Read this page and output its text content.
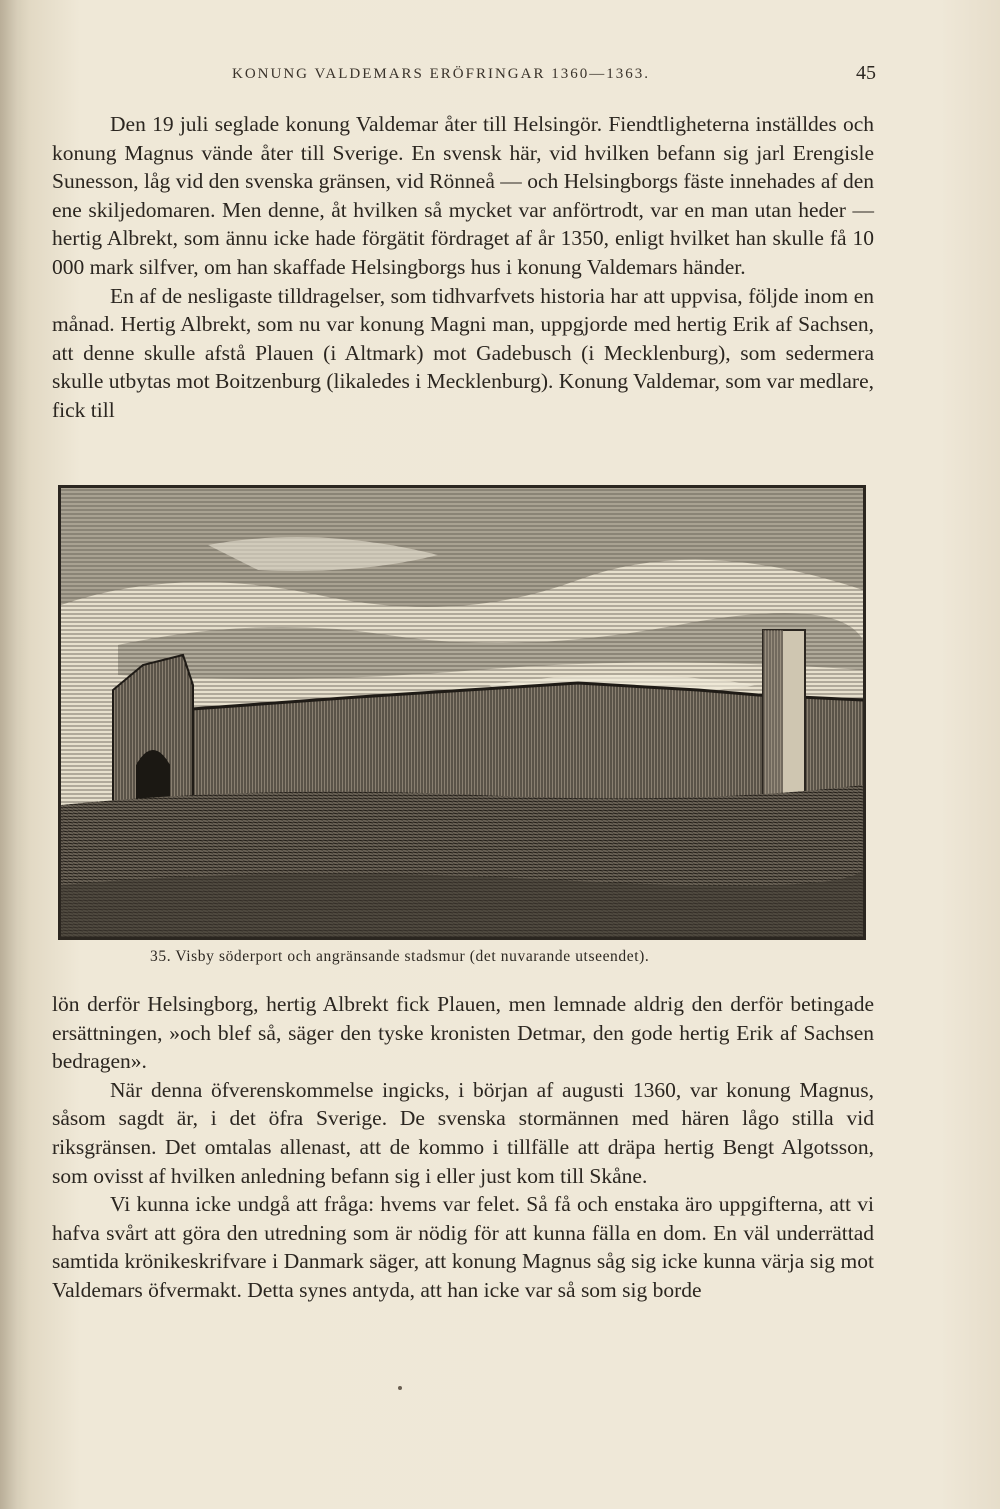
KONUNG VALDEMARS ERÖFRINGAR 1360—1363.	45

Den 19 juli seglade konung Valdemar åter till Helsingör. Fiendtligheterna inställdes och konung Magnus vände åter till Sverige. En svensk här, vid hvilken befann sig jarl Erengisle Sunesson, låg vid den svenska gränsen, vid Rönneå — och Helsingborgs fäste innehades af den ene skiljedomaren. Men denne, åt hvilken så mycket var anförtrodt, var en man utan heder — hertig Albrekt, som ännu icke hade förgätit fördraget af år 1350, enligt hvilket han skulle få 10 000 mark silfver, om han skaffade Helsingborgs hus i konung Valdemars händer.

En af de nesligaste tilldragelser, som tidhvarfvets historia har att uppvisa, följde inom en månad. Hertig Albrekt, som nu var konung Magni man, uppgjorde med hertig Erik af Sachsen, att denne skulle afstå Plauen (i Altmark) mot Gadebusch (i Mecklenburg), som sedermera skulle utbytas mot Boitzenburg (likaledes i Mecklenburg). Konung Valdemar, som var medlare, fick till

35. Visby söderport och angränsande stadsmur (det nuvarande utseendet).

lön derför Helsingborg, hertig Albrekt fick Plauen, men lemnade aldrig den derför betingade ersättningen, »och blef så, säger den tyske kronisten Detmar, den gode hertig Erik af Sachsen bedragen».

När denna öfverenskommelse ingicks, i början af augusti 1360, var konung Magnus, såsom sagdt är, i det öfra Sverige. De svenska stormännen med hären lågo stilla vid riksgränsen. Det omtalas allenast, att de kommo i tillfälle att dräpa hertig Bengt Algotsson, som ovisst af hvilken anledning befann sig i eller just kom till Skåne.

Vi kunna icke undgå att fråga: hvems var felet. Så få och enstaka äro uppgifterna, att vi hafva svårt att göra den utredning som är nödig för att kunna fälla en dom. En väl underrättad samtida krönikeskrifvare i Danmark säger, att konung Magnus såg sig icke kunna värja sig mot Valdemars öfvermakt. Detta synes antyda, att han icke var så som sig borde
